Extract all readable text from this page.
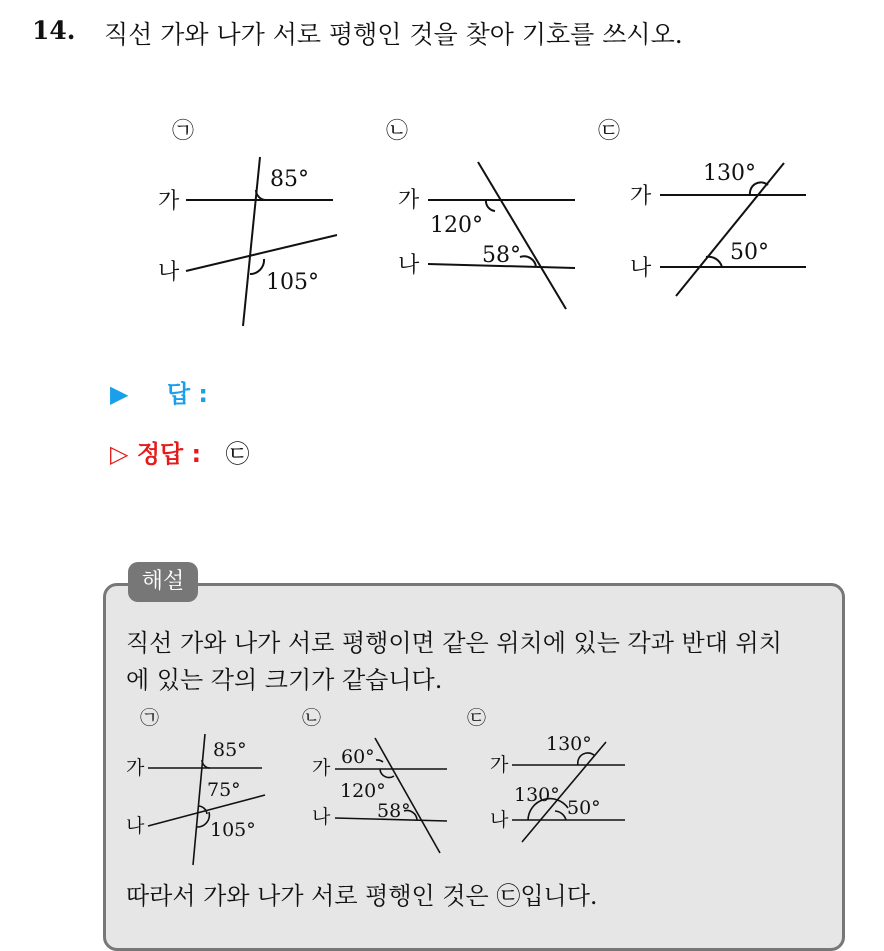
14. 직선 가와 나가 서로 평행인 것을 찾아 기호를 쓰시오.
㉠
가
나
85°
105°
㉡
가
나
120°
58°
㉢
가
나
130°
50°
▶ 답 :
▷ 정답 : ㉢
해설
직선 가와 나가 서로 평행이면 같은 위치에 있는 각과 반대 위치
에 있는 각의 크기가 같습니다.
㉠
가
나
85°
75°
105°
㉡
가
나
60°
120°
58°
㉢
가
나
130°
130°
50°
따라서 가와 나가 서로 평행인 것은 ㉢입니다.
